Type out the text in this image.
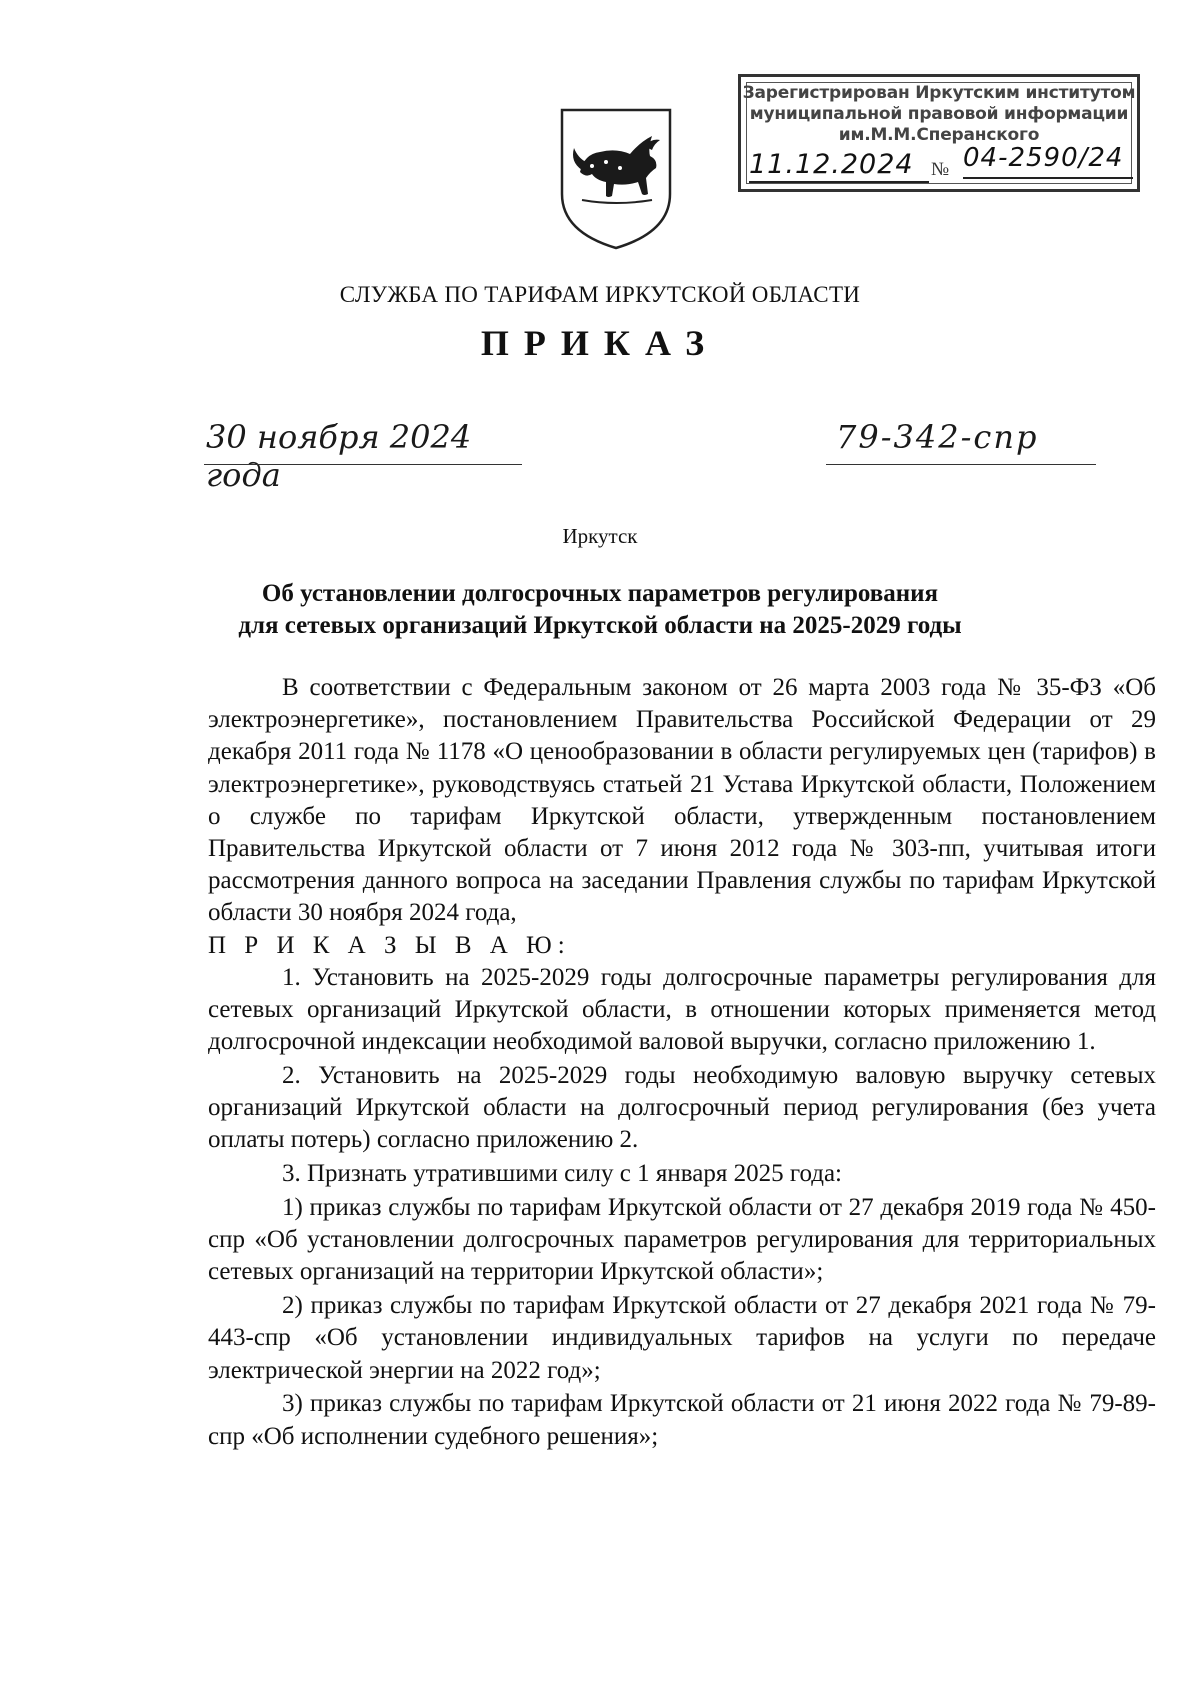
Зарегистрирован Иркутским институтом
муниципальной правовой информации
им.М.М.Сперанского
11.12.2024 № 04-2590/24
СЛУЖБА ПО ТАРИФАМ ИРКУТСКОЙ ОБЛАСТИ
ПРИКАЗ
30 ноября 2024 года
79-342-спр
Иркутск
Об установлении долгосрочных параметров регулирования
для сетевых организаций Иркутской области на 2025-2029 годы

В соответствии с Федеральным законом от 26 марта 2003 года № 35-ФЗ «Об электроэнергетике», постановлением Правительства Российской Федерации от 29 декабря 2011 года № 1178 «О ценообразовании в области регулируемых цен (тарифов) в электроэнергетике», руководствуясь статьей 21 Устава Иркутской области, Положением о службе по тарифам Иркутской области, утвержденным постановлением Правительства Иркутской области от 7 июня 2012 года № 303-пп, учитывая итоги рассмотрения данного вопроса на заседании Правления службы по тарифам Иркутской области 30 ноября 2024 года,

П Р И К А З Ы В А Ю:

1. Установить на 2025-2029 годы долгосрочные параметры регулирования для сетевых организаций Иркутской области, в отношении которых применяется метод долгосрочной индексации необходимой валовой выручки, согласно приложению 1.

2. Установить на 2025-2029 годы необходимую валовую выручку сетевых организаций Иркутской области на долгосрочный период регулирования (без учета оплаты потерь) согласно приложению 2.

3. Признать утратившими силу с 1 января 2025 года:

1) приказ службы по тарифам Иркутской области от 27 декабря 2019 года № 450-спр «Об установлении долгосрочных параметров регулирования для территориальных сетевых организаций на территории Иркутской области»;

2) приказ службы по тарифам Иркутской области от 27 декабря 2021 года № 79-443-спр «Об установлении индивидуальных тарифов на услуги по передаче электрической энергии на 2022 год»;

3) приказ службы по тарифам Иркутской области от 21 июня 2022 года № 79-89-спр «Об исполнении судебного решения»;
